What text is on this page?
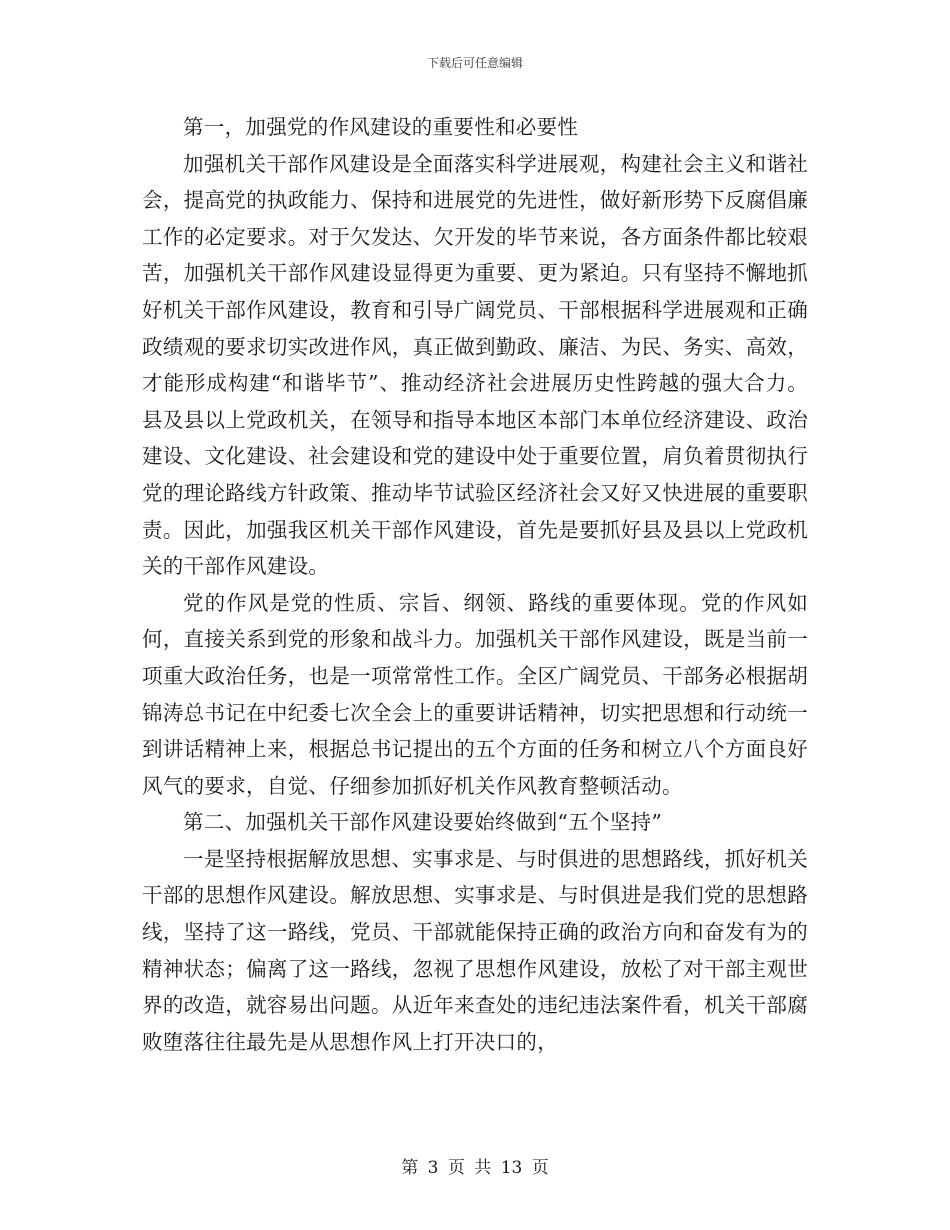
下载后可任意编辑

第一，加强党的作风建设的重要性和必要性

加强机关干部作风建设是全面落实科学进展观，构建社会主义和谐社会，提高党的执政能力、保持和进展党的先进性，做好新形势下反腐倡廉工作的必定要求。对于欠发达、欠开发的毕节来说，各方面条件都比较艰苦，加强机关干部作风建设显得更为重要、更为紧迫。只有坚持不懈地抓好机关干部作风建设，教育和引导广阔党员、干部根据科学进展观和正确政绩观的要求切实改进作风，真正做到勤政、廉洁、为民、务实、高效，才能形成构建“和谐毕节”、推动经济社会进展历史性跨越的强大合力。县及县以上党政机关，在领导和指导本地区本部门本单位经济建设、政治建设、文化建设、社会建设和党的建设中处于重要位置，肩负着贯彻执行党的理论路线方针政策、推动毕节试验区经济社会又好又快进展的重要职责。因此，加强我区机关干部作风建设，首先是要抓好县及县以上党政机关的干部作风建设。

党的作风是党的性质、宗旨、纲领、路线的重要体现。党的作风如何，直接关系到党的形象和战斗力。加强机关干部作风建设，既是当前一项重大政治任务，也是一项常常性工作。全区广阔党员、干部务必根据胡锦涛总书记在中纪委七次全会上的重要讲话精神，切实把思想和行动统一到讲话精神上来，根据总书记提出的五个方面的任务和树立八个方面良好风气的要求，自觉、仔细参加抓好机关作风教育整顿活动。

第二、加强机关干部作风建设要始终做到“五个坚持”

一是坚持根据解放思想、实事求是、与时俱进的思想路线，抓好机关干部的思想作风建设。解放思想、实事求是、与时俱进是我们党的思想路线，坚持了这一路线，党员、干部就能保持正确的政治方向和奋发有为的精神状态；偏离了这一路线，忽视了思想作风建设，放松了对干部主观世界的改造，就容易出问题。从近年来查处的违纪违法案件看，机关干部腐败堕落往往最先是从思想作风上打开决口的，

第 3 页 共 13 页
